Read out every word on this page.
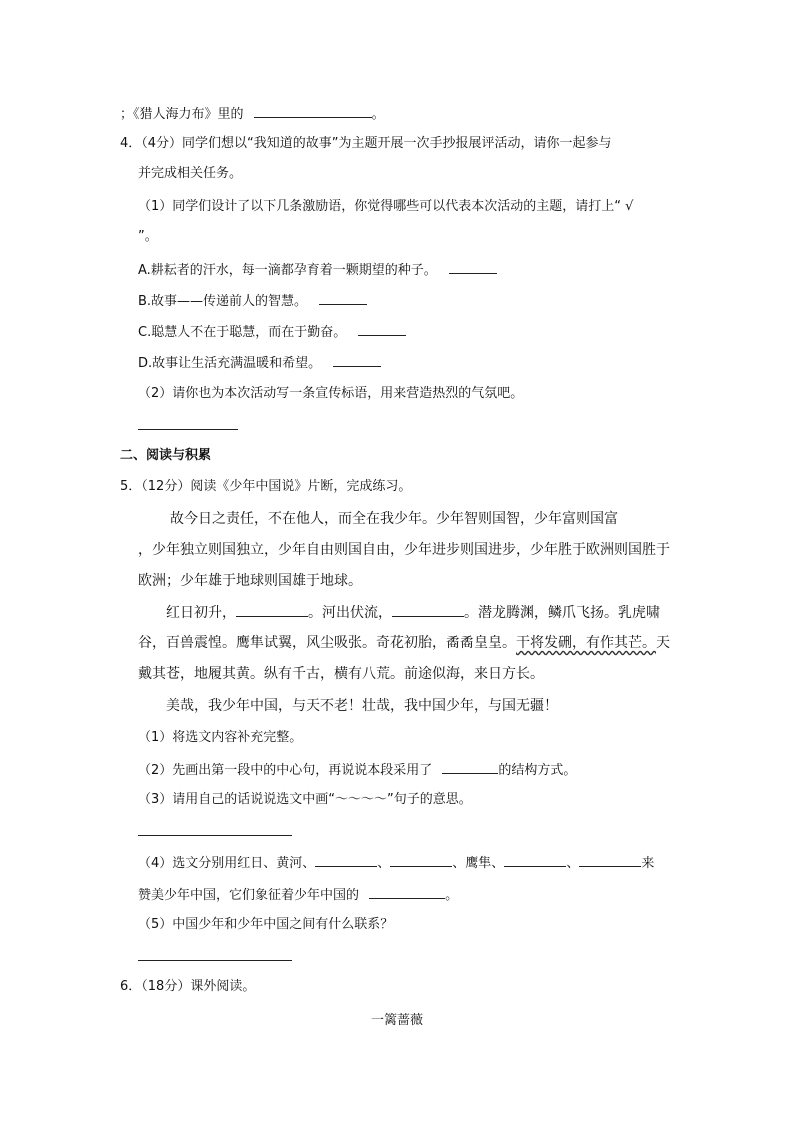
；《猎人海力布》里的	。
4．（4分）同学们想以“我知道的故事”为主题开展一次手抄报展评活动，请你一起参与
并完成相关任务。
（1）同学们设计了以下几条激励语，你觉得哪些可以代表本次活动的主题，请打上“ √
”。
A.耕耘者的汗水，每一滴都孕育着一颗期望的种子。
B.故事——传递前人的智慧。
C.聪慧人不在于聪慧，而在于勤奋。
D.故事让生活充满温暖和希望。
（2）请你也为本次活动写一条宣传标语，用来营造热烈的气氛吧。
二、阅读与积累
5．（12分）阅读《少年中国说》片断，完成练习。
故今日之责任，不在他人，而全在我少年。少年智则国智，少年富则国富
，少年独立则国独立，少年自由则国自由，少年进步则国进步，少年胜于欧洲则国胜于
欧洲；少年雄于地球则国雄于地球。
红日初升，	。河出伏流，	。潜龙腾渊，鳞爪飞扬。乳虎啸
谷，百兽震惶。鹰隼试翼，风尘吸张。奇花初胎，矞矞皇皇。干将发硎，有作其芒。天
戴其苍，地履其黄。纵有千古，横有八荒。前途似海，来日方长。
美哉，我少年中国，与天不老！壮哉，我中国少年，与国无疆！
（1）将选文内容补充完整。
（2）先画出第一段中的中心句，再说说本段采用了	的结构方式。
（3）请用自己的话说说选文中画“～～～～”句子的意思。
（4）选文分别用红日、黄河、	、	、鹰隼、	、	来
赞美少年中国，它们象征着少年中国的	。
（5）中国少年和少年中国之间有什么联系？
6．（18分）课外阅读。
一篱蔷薇
